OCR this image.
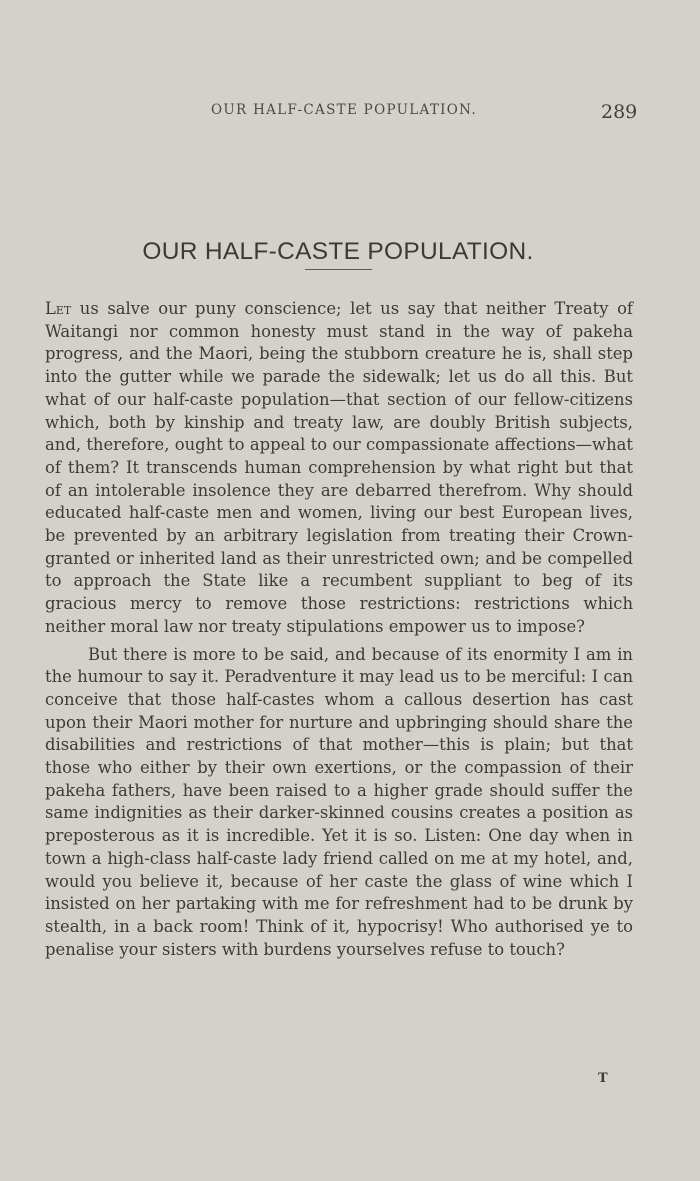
OUR HALF-CASTE POPULATION.	289
OUR HALF-CASTE POPULATION.

Let us salve our puny conscience; let us say that neither Treaty of Waitangi nor common honesty must stand in the way of pakeha progress, and the Maori, being the stubborn creature he is, shall step into the gutter while we parade the sidewalk; let us do all this. But what of our half-caste population—that section of our fellow-citizens which, both by kinship and treaty law, are doubly British subjects, and, therefore, ought to appeal to our compassionate affections—what of them? It transcends human comprehension by what right but that of an intolerable insolence they are debarred therefrom. Why should educated half-caste men and women, living our best European lives, be prevented by an arbitrary legislation from treating their Crown-granted or inherited land as their unrestricted own; and be compelled to approach the State like a recumbent suppliant to beg of its gracious mercy to remove those restrictions: restrictions which neither moral law nor treaty stipulations empower us to impose?

But there is more to be said, and because of its enormity I am in the humour to say it. Peradventure it may lead us to be merciful: I can conceive that those half-castes whom a callous desertion has cast upon their Maori mother for nurture and upbringing should share the disabilities and restrictions of that mother—this is plain; but that those who either by their own exertions, or the compassion of their pakeha fathers, have been raised to a higher grade should suffer the same indignities as their darker-skinned cousins creates a position as preposterous as it is incredible. Yet it is so. Listen: One day when in town a high-class half-caste lady friend called on me at my hotel, and, would you believe it, because of her caste the glass of wine which I insisted on her partaking with me for refreshment had to be drunk by stealth, in a back room! Think of it, hypocrisy! Who authorised ye to penalise your sisters with burdens yourselves refuse to touch?

T
